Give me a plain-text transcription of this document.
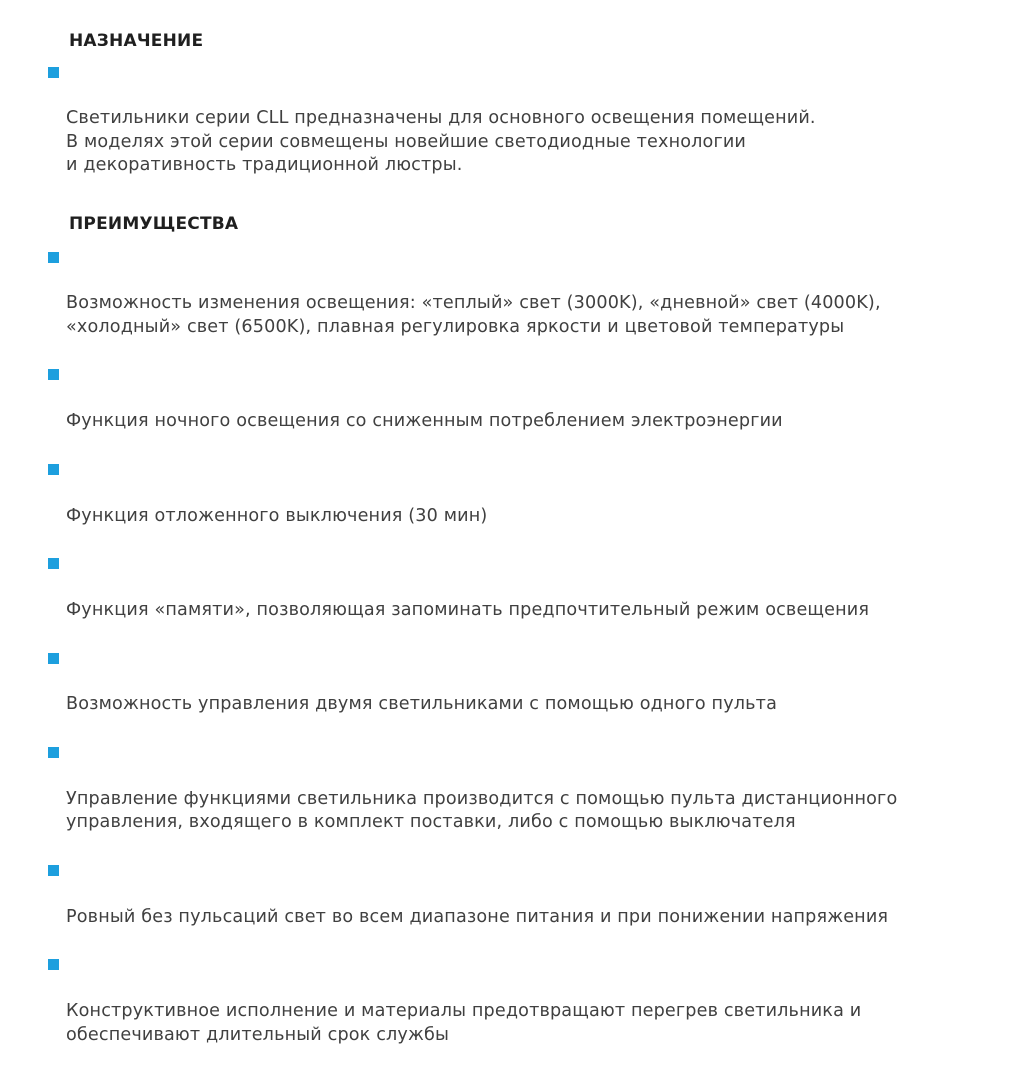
НАЗНАЧЕНИЕ

Светильники серии CLL предназначены для основного освещения помещений.
В моделях этой серии совмещены новейшие светодиодные технологии
и декоративность традиционной люстры.

ПРЕИМУЩЕСТВА

Возможность изменения освещения: «теплый» свет (3000K), «дневной» свет (4000K),
«холодный» свет (6500K), плавная регулировка яркости и цветовой температуры

Функция ночного освещения со сниженным потреблением электроэнергии

Функция отложенного выключения (30 мин)

Функция «памяти», позволяющая запоминать предпочтительный режим освещения

Возможность управления двумя светильниками с помощью одного пульта

Управление функциями светильника производится с помощью пульта дистанционного
управления, входящего в комплект поставки, либо с помощью выключателя

Ровный без пульсаций свет во всем диапазоне питания и при понижении напряжения

Конструктивное исполнение и материалы предотвращают перегрев светильника и
обеспечивают длительный срок службы
